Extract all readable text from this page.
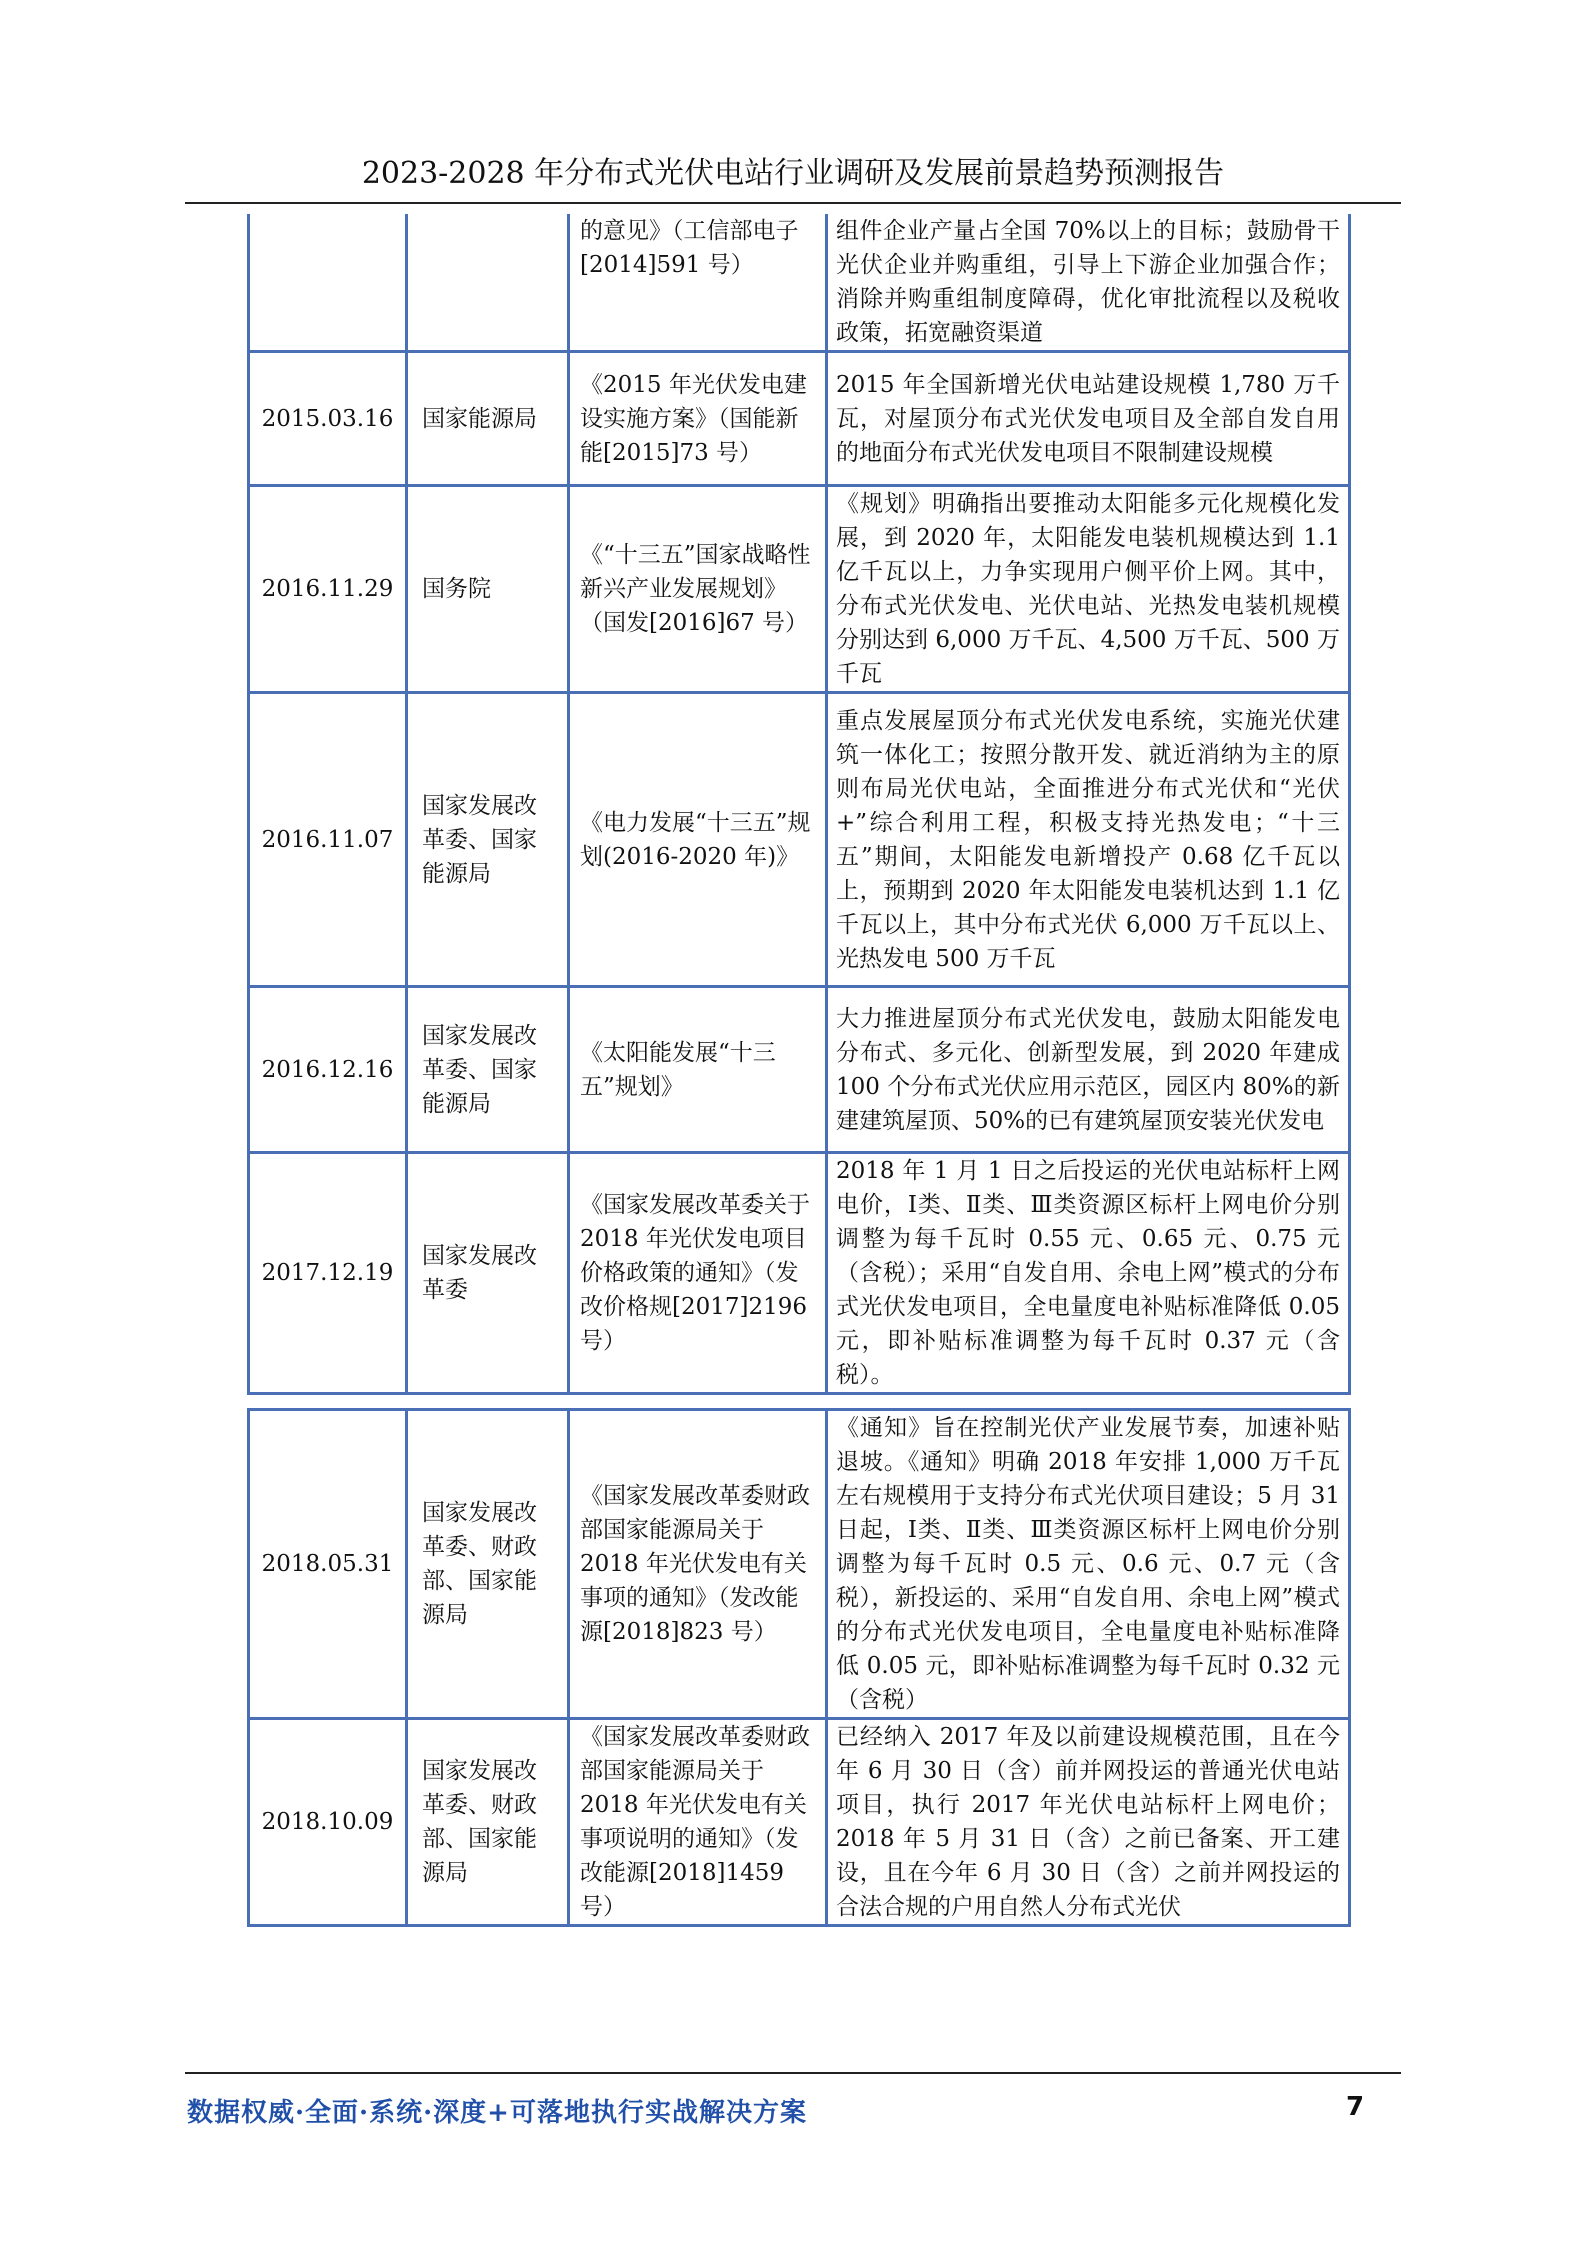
2023-2028 年分布式光伏电站行业调研及发展前景趋势预测报告
		的意见》（工信部电子[2014]591 号）	组件企业产量占全国 70%以上的目标；鼓励骨干光伏企业并购重组，引导上下游企业加强合作；消除并购重组制度障碍，优化审批流程以及税收政策，拓宽融资渠道
2015.03.16	国家能源局	《2015 年光伏发电建设实施方案》（国能新能[2015]73 号）	2015 年全国新增光伏电站建设规模 1,780 万千瓦，对屋顶分布式光伏发电项目及全部自发自用的地面分布式光伏发电项目不限制建设规模
2016.11.29	国务院	《“十三五”国家战略性新兴产业发展规划》（国发[2016]67 号）	《规划》明确指出要推动太阳能多元化规模化发展，到 2020 年，太阳能发电装机规模达到 1.1 亿千瓦以上，力争实现用户侧平价上网。其中，分布式光伏发电、光伏电站、光热发电装机规模分别达到 6,000 万千瓦、4,500 万千瓦、500 万千瓦
2016.11.07	国家发展改革委、国家能源局	《电力发展“十三五”规划(2016-2020 年)》	重点发展屋顶分布式光伏发电系统，实施光伏建筑一体化工；按照分散开发、就近消纳为主的原则布局光伏电站，全面推进分布式光伏和“光伏+”综合利用工程，积极支持光热发电；“十三五”期间，太阳能发电新增投产 0.68 亿千瓦以上，预期到 2020 年太阳能发电装机达到 1.1 亿千瓦以上，其中分布式光伏 6,000 万千瓦以上、光热发电 500 万千瓦
2016.12.16	国家发展改革委、国家能源局	《太阳能发展“十三五”规划》	大力推进屋顶分布式光伏发电，鼓励太阳能发电分布式、多元化、创新型发展，到 2020 年建成 100 个分布式光伏应用示范区，园区内 80%的新建建筑屋顶、50%的已有建筑屋顶安装光伏发电
2017.12.19	国家发展改革委	《国家发展改革委关于 2018 年光伏发电项目价格政策的通知》（发改价格规[2017]2196 号）	2018 年 1 月 1 日之后投运的光伏电站标杆上网电价，Ⅰ类、Ⅱ类、Ⅲ类资源区标杆上网电价分别调整为每千瓦时 0.55 元、0.65 元、0.75 元（含税）；采用“自发自用、余电上网”模式的分布式光伏发电项目，全电量度电补贴标准降低 0.05 元，即补贴标准调整为每千瓦时 0.37 元（含税）。
2018.05.31	国家发展改革委、财政部、国家能源局	《国家发展改革委财政部国家能源局关于 2018 年光伏发电有关事项的通知》（发改能源[2018]823 号）	《通知》旨在控制光伏产业发展节奏，加速补贴退坡。《通知》明确 2018 年安排 1,000 万千瓦左右规模用于支持分布式光伏项目建设；5 月 31 日起，Ⅰ类、Ⅱ类、Ⅲ类资源区标杆上网电价分别调整为每千瓦时 0.5 元、0.6 元、0.7 元（含税），新投运的、采用“自发自用、余电上网”模式的分布式光伏发电项目，全电量度电补贴标准降低 0.05 元，即补贴标准调整为每千瓦时 0.32 元（含税）
2018.10.09	国家发展改革委、财政部、国家能源局	《国家发展改革委财政部国家能源局关于 2018 年光伏发电有关事项说明的通知》（发改能源[2018]1459 号）	已经纳入 2017 年及以前建设规模范围，且在今年 6 月 30 日（含）前并网投运的普通光伏电站项目，执行 2017 年光伏电站标杆上网电价；2018 年 5 月 31 日（含）之前已备案、开工建设，且在今年 6 月 30 日（含）之前并网投运的合法合规的户用自然人分布式光伏
数据权威·全面·系统·深度+可落地执行实战解决方案	7
